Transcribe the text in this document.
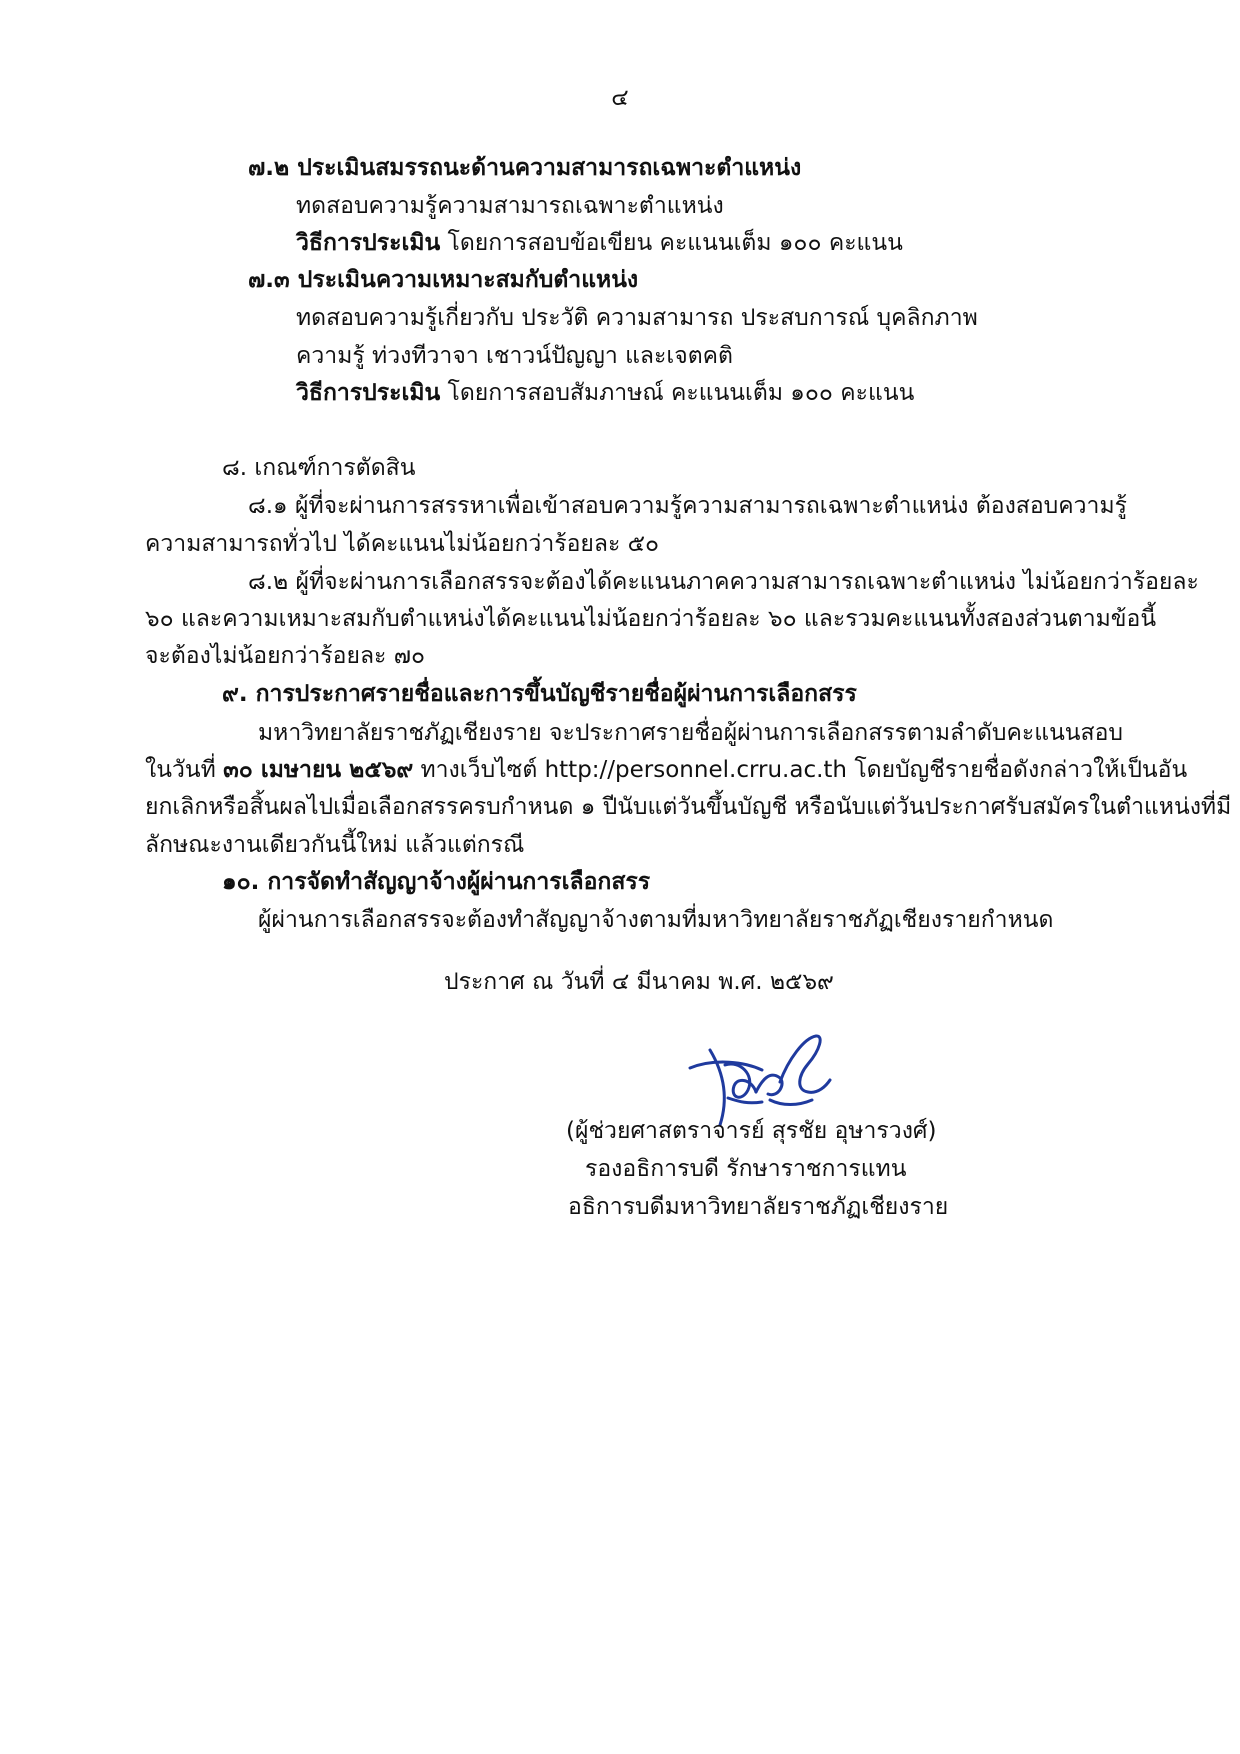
๔
๗.๒ ประเมินสมรรถนะด้านความสามารถเฉพาะตำแหน่ง
ทดสอบความรู้ความสามารถเฉพาะตำแหน่ง
วิธีการประเมิน โดยการสอบข้อเขียน คะแนนเต็ม ๑๐๐ คะแนน
๗.๓ ประเมินความเหมาะสมกับตำแหน่ง
ทดสอบความรู้เกี่ยวกับ ประวัติ ความสามารถ ประสบการณ์ บุคลิกภาพ
ความรู้ ท่วงทีวาจา เชาวน์ปัญญา และเจตคติ
วิธีการประเมิน โดยการสอบสัมภาษณ์ คะแนนเต็ม ๑๐๐ คะแนน
๘. เกณฑ์การตัดสิน
๘.๑ ผู้ที่จะผ่านการสรรหาเพื่อเข้าสอบความรู้ความสามารถเฉพาะตำแหน่ง ต้องสอบความรู้
ความสามารถทั่วไป ได้คะแนนไม่น้อยกว่าร้อยละ ๕๐
๘.๒ ผู้ที่จะผ่านการเลือกสรรจะต้องได้คะแนนภาคความสามารถเฉพาะตำแหน่ง ไม่น้อยกว่าร้อยละ
๖๐ และความเหมาะสมกับตำแหน่งได้คะแนนไม่น้อยกว่าร้อยละ ๖๐ และรวมคะแนนทั้งสองส่วนตามข้อนี้
จะต้องไม่น้อยกว่าร้อยละ ๗๐
๙. การประกาศรายชื่อและการขึ้นบัญชีรายชื่อผู้ผ่านการเลือกสรร
มหาวิทยาลัยราชภัฏเชียงราย จะประกาศรายชื่อผู้ผ่านการเลือกสรรตามลำดับคะแนนสอบ
ในวันที่ ๓๐ เมษายน ๒๕๖๙ ทางเว็บไซต์ http://personnel.crru.ac.th โดยบัญชีรายชื่อดังกล่าวให้เป็นอัน
ยกเลิกหรือสิ้นผลไปเมื่อเลือกสรรครบกำหนด ๑ ปีนับแต่วันขึ้นบัญชี หรือนับแต่วันประกาศรับสมัครในตำแหน่งที่มี
ลักษณะงานเดียวกันนี้ใหม่ แล้วแต่กรณี
๑๐. การจัดทำสัญญาจ้างผู้ผ่านการเลือกสรร
ผู้ผ่านการเลือกสรรจะต้องทำสัญญาจ้างตามที่มหาวิทยาลัยราชภัฏเชียงรายกำหนด
ประกาศ ณ วันที่ ๔ มีนาคม พ.ศ. ๒๕๖๙
(ผู้ช่วยศาสตราจารย์ สุรชัย อุษารวงศ์)
รองอธิการบดี รักษาราชการแทน
อธิการบดีมหาวิทยาลัยราชภัฏเชียงราย
